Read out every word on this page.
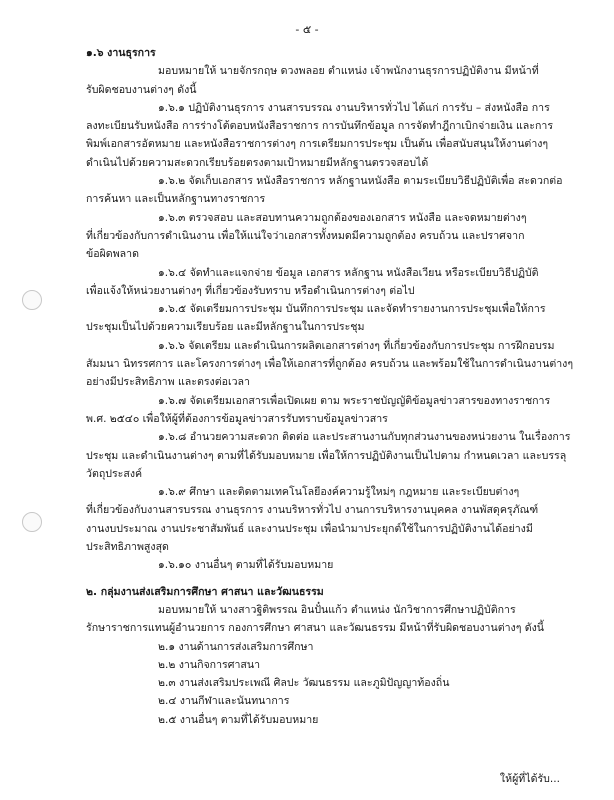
- ๕ -
๑.๖ งานธุรการ
มอบหมายให้ นายจักรกฤษ ดวงพลอย ตำแหน่ง เจ้าพนักงานธุรการปฏิบัติงาน มีหน้าที่
รับผิดชอบงานต่างๆ ดังนี้
๑.๖.๑ ปฏิบัติงานธุรการ งานสารบรรณ งานบริหารทั่วไป ได้แก่ การรับ – ส่งหนังสือ การ
ลงทะเบียนรับหนังสือ การร่างโต้ตอบหนังสือราชการ การบันทึกข้อมูล การจัดทำฎีกาเบิกจ่ายเงิน และการ
พิมพ์เอกสารอัตหมาย และหนังสือราชการต่างๆ การเตรียมการประชุม เป็นต้น เพื่อสนับสนุนให้งานต่างๆ
ดำเนินไปด้วยความสะดวกเรียบร้อยตรงตามเป้าหมายมีหลักฐานตรวจสอบได้
๑.๖.๒ จัดเก็บเอกสาร หนังสือราชการ หลักฐานหนังสือ ตามระเบียบวิธีปฏิบัติเพื่อ สะดวกต่อ
การค้นหา และเป็นหลักฐานทางราชการ
๑.๖.๓ ตรวจสอบ และสอบทานความถูกต้องของเอกสาร หนังสือ และจดหมายต่างๆ
ที่เกี่ยวข้องกับการดำเนินงาน เพื่อให้แน่ใจว่าเอกสารทั้งหมดมีความถูกต้อง ครบถ้วน และปราศจาก
ข้อผิดพลาด
๑.๖.๔ จัดทำและแจกจ่าย ข้อมูล เอกสาร หลักฐาน หนังสือเวียน หรือระเบียบวิธีปฏิบัติ
เพื่อแจ้งให้หน่วยงานต่างๆ ที่เกี่ยวข้องรับทราบ หรือดำเนินการต่างๆ ต่อไป
๑.๖.๕ จัดเตรียมการประชุม บันทึกการประชุม และจัดทำรายงานการประชุมเพื่อให้การ
ประชุมเป็นไปด้วยความเรียบร้อย และมีหลักฐานในการประชุม
๑.๖.๖ จัดเตรียม และดำเนินการผลิตเอกสารต่างๆ ที่เกี่ยวข้องกับการประชุม การฝึกอบรม
สัมมนา นิทรรศการ และโครงการต่างๆ เพื่อให้เอกสารที่ถูกต้อง ครบถ้วน และพร้อมใช้ในการดำเนินงานต่างๆ
อย่างมีประสิทธิภาพ และตรงต่อเวลา
๑.๖.๗ จัดเตรียมเอกสารเพื่อเปิดเผย ตาม พระราชบัญญัติข้อมูลข่าวสารของทางราชการ
พ.ศ. ๒๕๔๐ เพื่อให้ผู้ที่ต้องการข้อมูลข่าวสารรับทราบข้อมูลข่าวสาร
๑.๖.๘ อำนวยความสะดวก ติดต่อ และประสานงานกับทุกส่วนงานของหน่วยงาน ในเรื่องการ
ประชุม และดำเนินงานต่างๆ ตามที่ได้รับมอบหมาย เพื่อให้การปฏิบัติงานเป็นไปตาม กำหนดเวลา และบรรลุ
วัตถุประสงค์
๑.๖.๙ ศึกษา และติดตามเทคโนโลยีองค์ความรู้ใหม่ๆ กฎหมาย และระเบียบต่างๆ
ที่เกี่ยวข้องกับงานสารบรรณ งานธุรการ งานบริหารทั่วไป งานการบริหารงานบุคคล งานพัสดุครุภัณฑ์
งานงบประมาณ งานประชาสัมพันธ์ และงานประชุม เพื่อนำมาประยุกต์ใช้ในการปฏิบัติงานได้อย่างมี
ประสิทธิภาพสูงสุด
๑.๖.๑๐ งานอื่นๆ ตามที่ได้รับมอบหมาย
๒. กลุ่มงานส่งเสริมการศึกษา ศาสนา และวัฒนธรรม
มอบหมายให้ นางสาวฐิติพรรณ อินปั๋นแก้ว ตำแหน่ง นักวิชาการศึกษาปฏิบัติการ
รักษาราชการแทนผู้อำนวยการ กองการศึกษา ศาสนา และวัฒนธรรม มีหน้าที่รับผิดชอบงานต่างๆ ดังนี้
๒.๑ งานด้านการส่งเสริมการศึกษา
๒.๒ งานกิจการศาสนา
๒.๓ งานส่งเสริมประเพณี ศิลปะ วัฒนธรรม และภูมิปัญญาท้องถิ่น
๒.๔ งานกีฬาและนันทนาการ
๒.๕ งานอื่นๆ ตามที่ได้รับมอบหมาย
ให้ผู้ที่ได้รับ...
